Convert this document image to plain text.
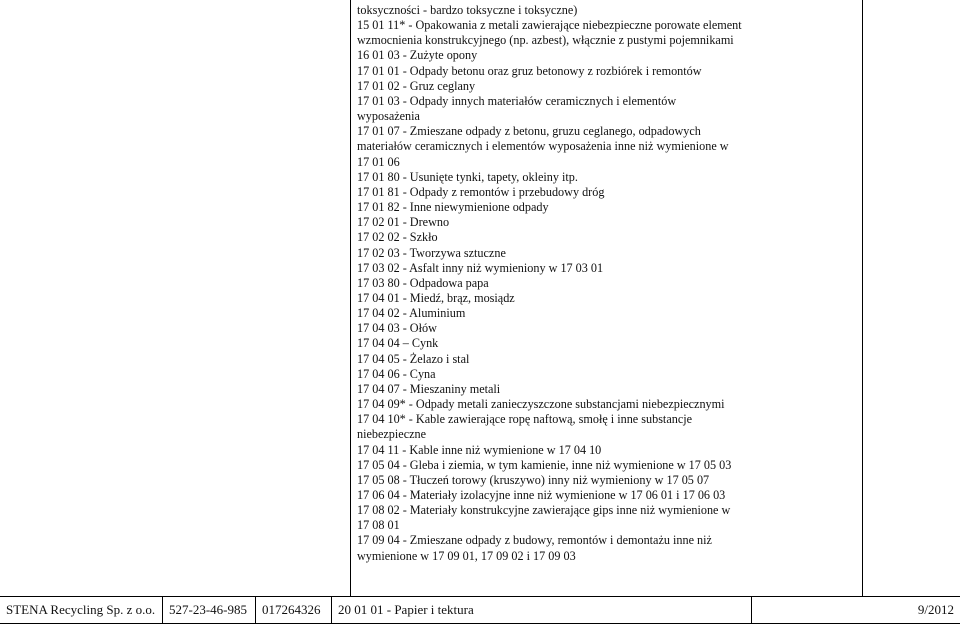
toksyczności - bardzo toksyczne i toksyczne)
15 01 11* - Opakowania z metali zawierające niebezpieczne porowate element
wzmocnienia konstrukcyjnego (np. azbest), włącznie z pustymi pojemnikami
16 01 03 - Zużyte opony
17 01 01 - Odpady betonu oraz gruz betonowy z rozbiórek i remontów
17 01 02 - Gruz ceglany
17 01 03 - Odpady innych materiałów ceramicznych i elementów
wyposażenia
17 01 07 - Zmieszane odpady z betonu, gruzu ceglanego, odpadowych
materiałów ceramicznych i elementów wyposażenia inne niż wymienione w
17 01 06
17 01 80 - Usunięte tynki, tapety, okleiny itp.
17 01 81 - Odpady z remontów i przebudowy dróg
17 01 82 - Inne niewymienione odpady
17 02 01 - Drewno
17 02 02 - Szkło
17 02 03 - Tworzywa sztuczne
17 03 02 - Asfalt inny niż wymieniony w 17 03 01
17 03 80 - Odpadowa papa
17 04 01 - Miedź, brąz, mosiądz
17 04 02 - Aluminium
17 04 03 - Ołów
17 04 04 – Cynk
17 04 05 - Żelazo i stal
17 04 06 - Cyna
17 04 07 - Mieszaniny metali
17 04 09* - Odpady metali zanieczyszczone substancjami niebezpiecznymi
17 04 10* - Kable zawierające ropę naftową, smołę i inne substancje
niebezpieczne
17 04 11 - Kable inne niż wymienione w 17 04 10
17 05 04 - Gleba i ziemia, w tym kamienie, inne niż wymienione w 17 05 03
17 05 08 - Tłuczeń torowy (kruszywo) inny niż wymieniony w 17 05 07
17 06 04 - Materiały izolacyjne inne niż wymienione w 17 06 01 i 17 06 03
17 08 02 - Materiały konstrukcyjne zawierające gips inne niż wymienione w
17 08 01
17 09 04 - Zmieszane odpady z budowy, remontów i demontażu inne niż
wymienione w 17 09 01, 17 09 02 i 17 09 03
STENA Recycling Sp. z o.o.	527-23-46-985	017264326	20 01 01 - Papier i tektura	9/2012
